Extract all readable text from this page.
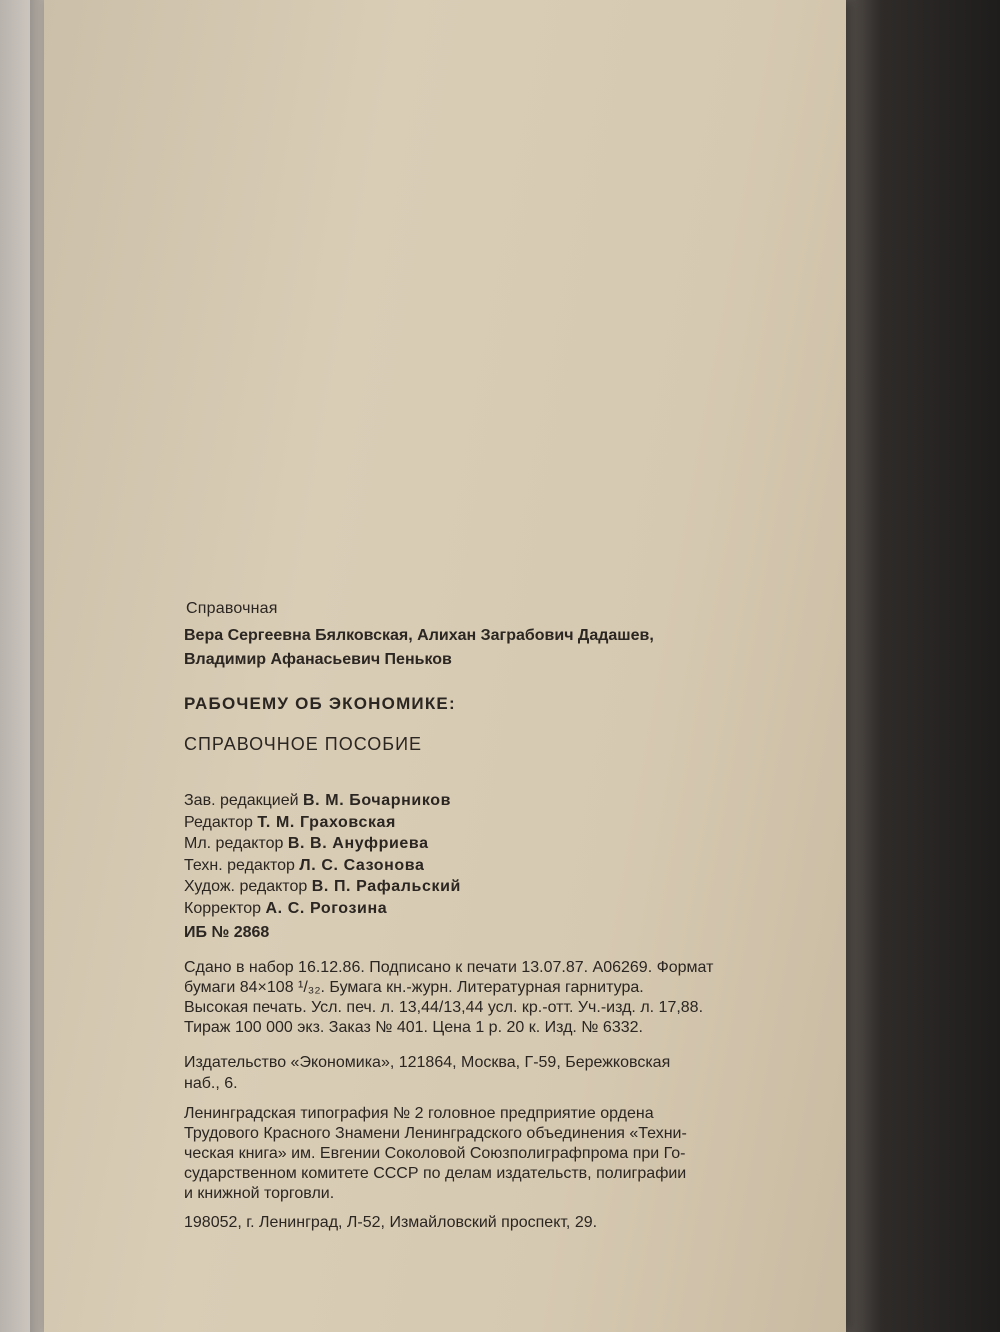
Справочная
Вера Сергеевна Бялковская, Алихан Заграбович Дадашев,
Владимир Афанасьевич Пеньков
РАБОЧЕМУ ОБ ЭКОНОМИКЕ:
СПРАВОЧНОЕ ПОСОБИЕ
Зав. редакцией В. М. Бочарников
Редактор Т. М. Граховская
Мл. редактор В. В. Ануфриева
Техн. редактор Л. С. Сазонова
Худож. редактор В. П. Рафальский
Корректор А. С. Рогозина
ИБ № 2868
Сдано в набор 16.12.86. Подписано к печати 13.07.87. А06269. Формат
бумаги 84×108 ¹/₃₂. Бумага кн.-журн. Литературная гарнитура.
Высокая печать. Усл. печ. л. 13,44/13,44 усл. кр.-отт. Уч.-изд. л. 17,88.
Тираж 100 000 экз. Заказ № 401. Цена 1 р. 20 к. Изд. № 6332.
Издательство «Экономика», 121864, Москва, Г-59, Бережковская
наб., 6.
Ленинградская типография № 2 головное предприятие ордена
Трудового Красного Знамени Ленинградского объединения «Техни-
ческая книга» им. Евгении Соколовой Союзполиграфпрома при Го-
сударственном комитете СССР по делам издательств, полиграфии
и книжной торговли.
198052, г. Ленинград, Л-52, Измайловский проспект, 29.
